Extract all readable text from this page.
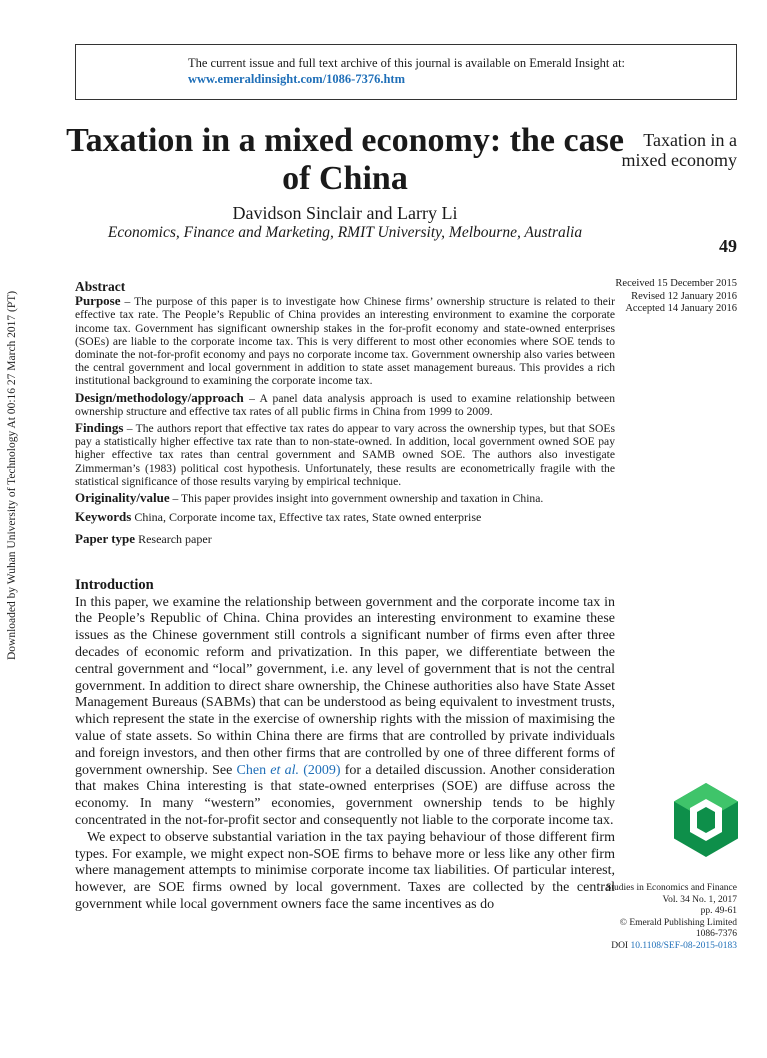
The current issue and full text archive of this journal is available on Emerald Insight at:
www.emeraldinsight.com/1086-7376.htm
Downloaded by Wuhan University of Technology At 00:16 27 March 2017 (PT)
Taxation in a mixed economy: the case of China
Davidson Sinclair and Larry Li
Economics, Finance and Marketing, RMIT University, Melbourne, Australia
Taxation in a mixed economy
49
Received 15 December 2015
Revised 12 January 2016
Accepted 14 January 2016
Abstract

Purpose – The purpose of this paper is to investigate how Chinese firms’ ownership structure is related to their effective tax rate. The People’s Republic of China provides an interesting environment to examine the corporate income tax. Government has significant ownership stakes in the for-profit economy and state-owned enterprises (SOEs) are liable to the corporate income tax. This is very different to most other economies where SOE tends to dominate the not-for-profit economy and pays no corporate income tax. Government ownership also varies between the central government and local government in addition to state asset management bureaus. This provides a rich institutional background to examining the corporate income tax.

Design/methodology/approach – A panel data analysis approach is used to examine relationship between ownership structure and effective tax rates of all public firms in China from 1999 to 2009.

Findings – The authors report that effective tax rates do appear to vary across the ownership types, but that SOEs pay a statistically higher effective tax rate than to non-state-owned. In addition, local government owned SOE pay higher effective tax rates than central government and SAMB owned SOE. The authors also investigate Zimmerman’s (1983) political cost hypothesis. Unfortunately, these results are econometrically fragile with the statistical significance of those results varying by empirical technique.

Originality/value – This paper provides insight into government ownership and taxation in China.

Keywords China, Corporate income tax, Effective tax rates, State owned enterprise
Paper type Research paper
Introduction

In this paper, we examine the relationship between government and the corporate income tax in the People’s Republic of China. China provides an interesting environment to examine these issues as the Chinese government still controls a significant number of firms even after three decades of economic reform and privatization. In this paper, we differentiate between the central government and “local” government, i.e. any level of government that is not the central government. In addition to direct share ownership, the Chinese authorities also have State Asset Management Bureaus (SABMs) that can be understood as being equivalent to investment trusts, which represent the state in the exercise of ownership rights with the mission of maximising the value of state assets. So within China there are firms that are controlled by private individuals and foreign investors, and then other firms that are controlled by one of three different forms of government ownership. See Chen et al. (2009) for a detailed discussion. Another consideration that makes China interesting is that state-owned enterprises (SOE) are diffuse across the economy. In many “western” economies, government ownership tends to be highly concentrated in the not-for-profit sector and consequently not liable to the corporate income tax.

We expect to observe substantial variation in the tax paying behaviour of those different firm types. For example, we might expect non-SOE firms to behave more or less like any other firm where management attempts to minimise corporate income tax liabilities. Of particular interest, however, are SOE firms owned by local government. Taxes are collected by the central government while local government owners face the same incentives as do

Studies in Economics and Finance
Vol. 34 No. 1, 2017
pp. 49-61
© Emerald Publishing Limited
1086-7376
DOI 10.1108/SEF-08-2015-0183
